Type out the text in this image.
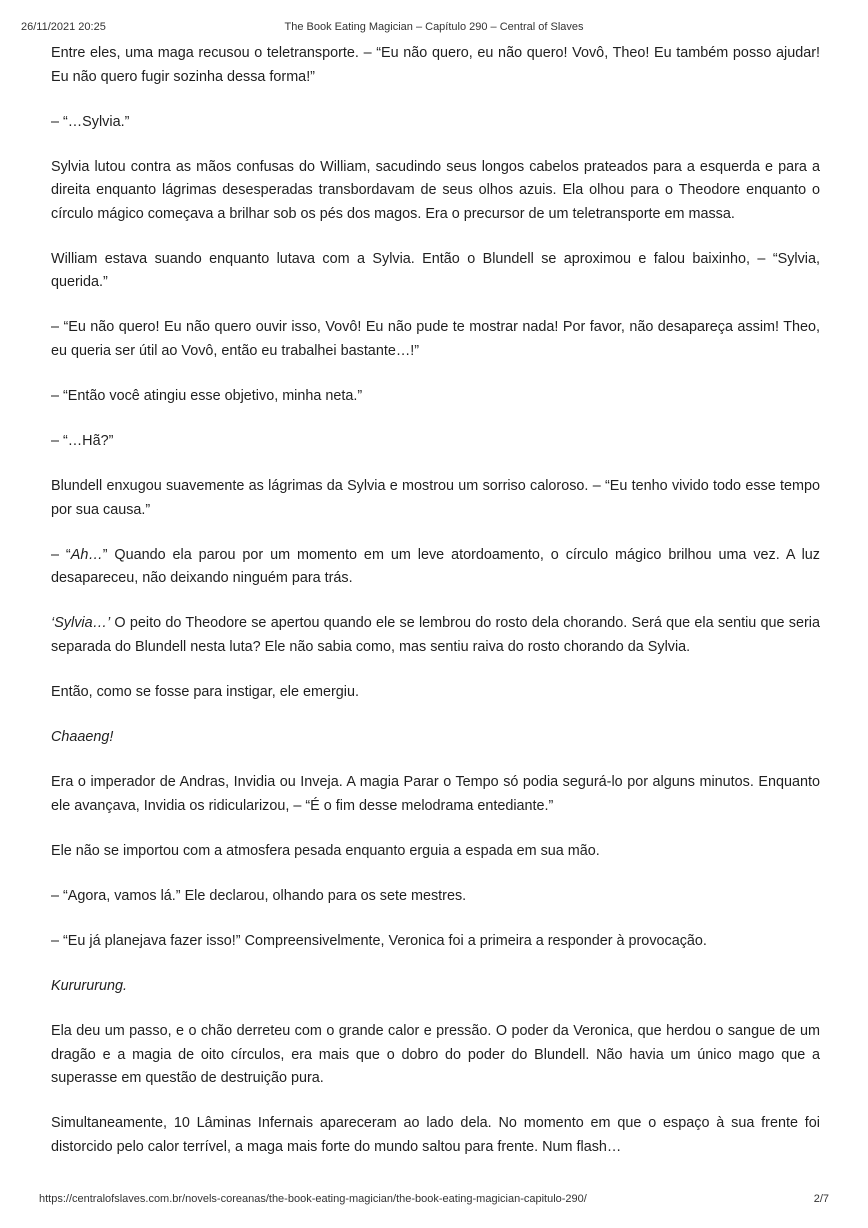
26/11/2021 20:25	The Book Eating Magician – Capítulo 290 – Central of Slaves

Entre eles, uma maga recusou o teletransporte. – “Eu não quero, eu não quero! Vovô, Theo! Eu também posso ajudar! Eu não quero fugir sozinha dessa forma!”

– “…Sylvia.”

Sylvia lutou contra as mãos confusas do William, sacudindo seus longos cabelos prateados para a esquerda e para a direita enquanto lágrimas desesperadas transbordavam de seus olhos azuis. Ela olhou para o Theodore enquanto o círculo mágico começava a brilhar sob os pés dos magos. Era o precursor de um teletransporte em massa.

William estava suando enquanto lutava com a Sylvia. Então o Blundell se aproximou e falou baixinho, – “Sylvia, querida.”

– “Eu não quero! Eu não quero ouvir isso, Vovô! Eu não pude te mostrar nada! Por favor, não desapareça assim! Theo, eu queria ser útil ao Vovô, então eu trabalhei bastante…!”

– “Então você atingiu esse objetivo, minha neta.”

– “…Hã?”

Blundell enxugou suavemente as lágrimas da Sylvia e mostrou um sorriso caloroso. – “Eu tenho vivido todo esse tempo por sua causa.”

– “Ah…” Quando ela parou por um momento em um leve atordoamento, o círculo mágico brilhou uma vez. A luz desapareceu, não deixando ninguém para trás.

‘Sylvia…’ O peito do Theodore se apertou quando ele se lembrou do rosto dela chorando. Será que ela sentiu que seria separada do Blundell nesta luta? Ele não sabia como, mas sentiu raiva do rosto chorando da Sylvia.

Então, como se fosse para instigar, ele emergiu.

Chaaeng!

Era o imperador de Andras, Invidia ou Inveja. A magia Parar o Tempo só podia segurá-lo por alguns minutos. Enquanto ele avançava, Invidia os ridicularizou, – “É o fim desse melodrama entediante.”

Ele não se importou com a atmosfera pesada enquanto erguia a espada em sua mão.

– “Agora, vamos lá.” Ele declarou, olhando para os sete mestres.

– “Eu já planejava fazer isso!” Compreensivelmente, Veronica foi a primeira a responder à provocação.

Kurururung.

Ela deu um passo, e o chão derreteu com o grande calor e pressão. O poder da Veronica, que herdou o sangue de um dragão e a magia de oito círculos, era mais que o dobro do poder do Blundell. Não havia um único mago que a superasse em questão de destruição pura.

Simultaneamente, 10 Lâminas Infernais apareceram ao lado dela. No momento em que o espaço à sua frente foi distorcido pelo calor terrível, a maga mais forte do mundo saltou para frente. Num flash…

https://centralofslaves.com.br/novels-coreanas/the-book-eating-magician/the-book-eating-magician-capitulo-290/	2/7
